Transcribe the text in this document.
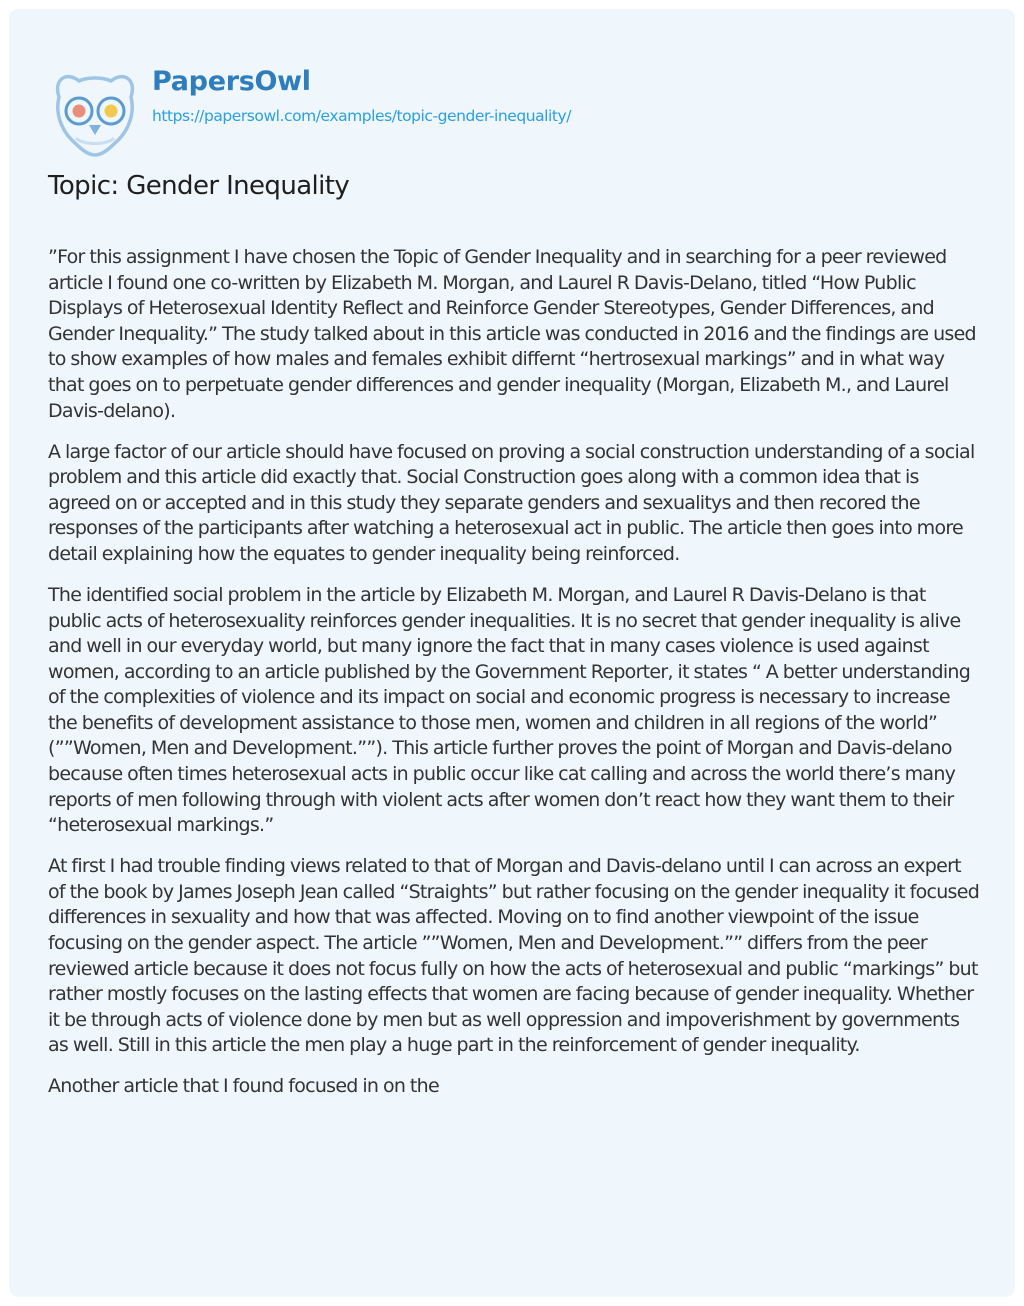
PapersOwl
https://papersowl.com/examples/topic-gender-inequality/
Topic: Gender Inequality

”For this assignment I have chosen the Topic of Gender Inequality and in searching for a peer reviewed article I found one co-written by Elizabeth M. Morgan, and Laurel R Davis-Delano, titled “How Public Displays of Heterosexual Identity Reflect and Reinforce Gender Stereotypes, Gender Differences, and Gender Inequality.” The study talked about in this article was conducted in 2016 and the findings are used to show examples of how males and females exhibit differnt “hertrosexual markings” and in what way that goes on to perpetuate gender differences and gender inequality (Morgan, Elizabeth M., and Laurel Davis-delano).

A large factor of our article should have focused on proving a social construction understanding of a social problem and this article did exactly that. Social Construction goes along with a common idea that is agreed on or accepted and in this study they separate genders and sexualitys and then recored the responses of the participants after watching a heterosexual act in public. The article then goes into more detail explaining how the equates to gender inequality being reinforced.

The identified social problem in the article by Elizabeth M. Morgan, and Laurel R Davis-Delano is that public acts of heterosexuality reinforces gender inequalities. It is no secret that gender inequality is alive and well in our everyday world, but many ignore the fact that in many cases violence is used against women, according to an article published by the Government Reporter, it states “ A better understanding of the complexities of violence and its impact on social and economic progress is necessary to increase the benefits of development assistance to those men, women and children in all regions of the world” (””Women, Men and Development.””). This article further proves the point of Morgan and Davis-delano because often times heterosexual acts in public occur like cat calling and across the world there’s many reports of men following through with violent acts after women don’t react how they want them to their “heterosexual markings.”

At first I had trouble finding views related to that of Morgan and Davis-delano until I can across an expert of the book by James Joseph Jean called “Straights” but rather focusing on the gender inequality it focused differences in sexuality and how that was affected. Moving on to find another viewpoint of the issue focusing on the gender aspect. The article ””Women, Men and Development.”” differs from the peer reviewed article because it does not focus fully on how the acts of heterosexual and public “markings” but rather mostly focuses on the lasting effects that women are facing because of gender inequality. Whether it be through acts of violence done by men but as well oppression and impoverishment by governments as well. Still in this article the men play a huge part in the reinforcement of gender inequality.

Another article that I found focused in on the
